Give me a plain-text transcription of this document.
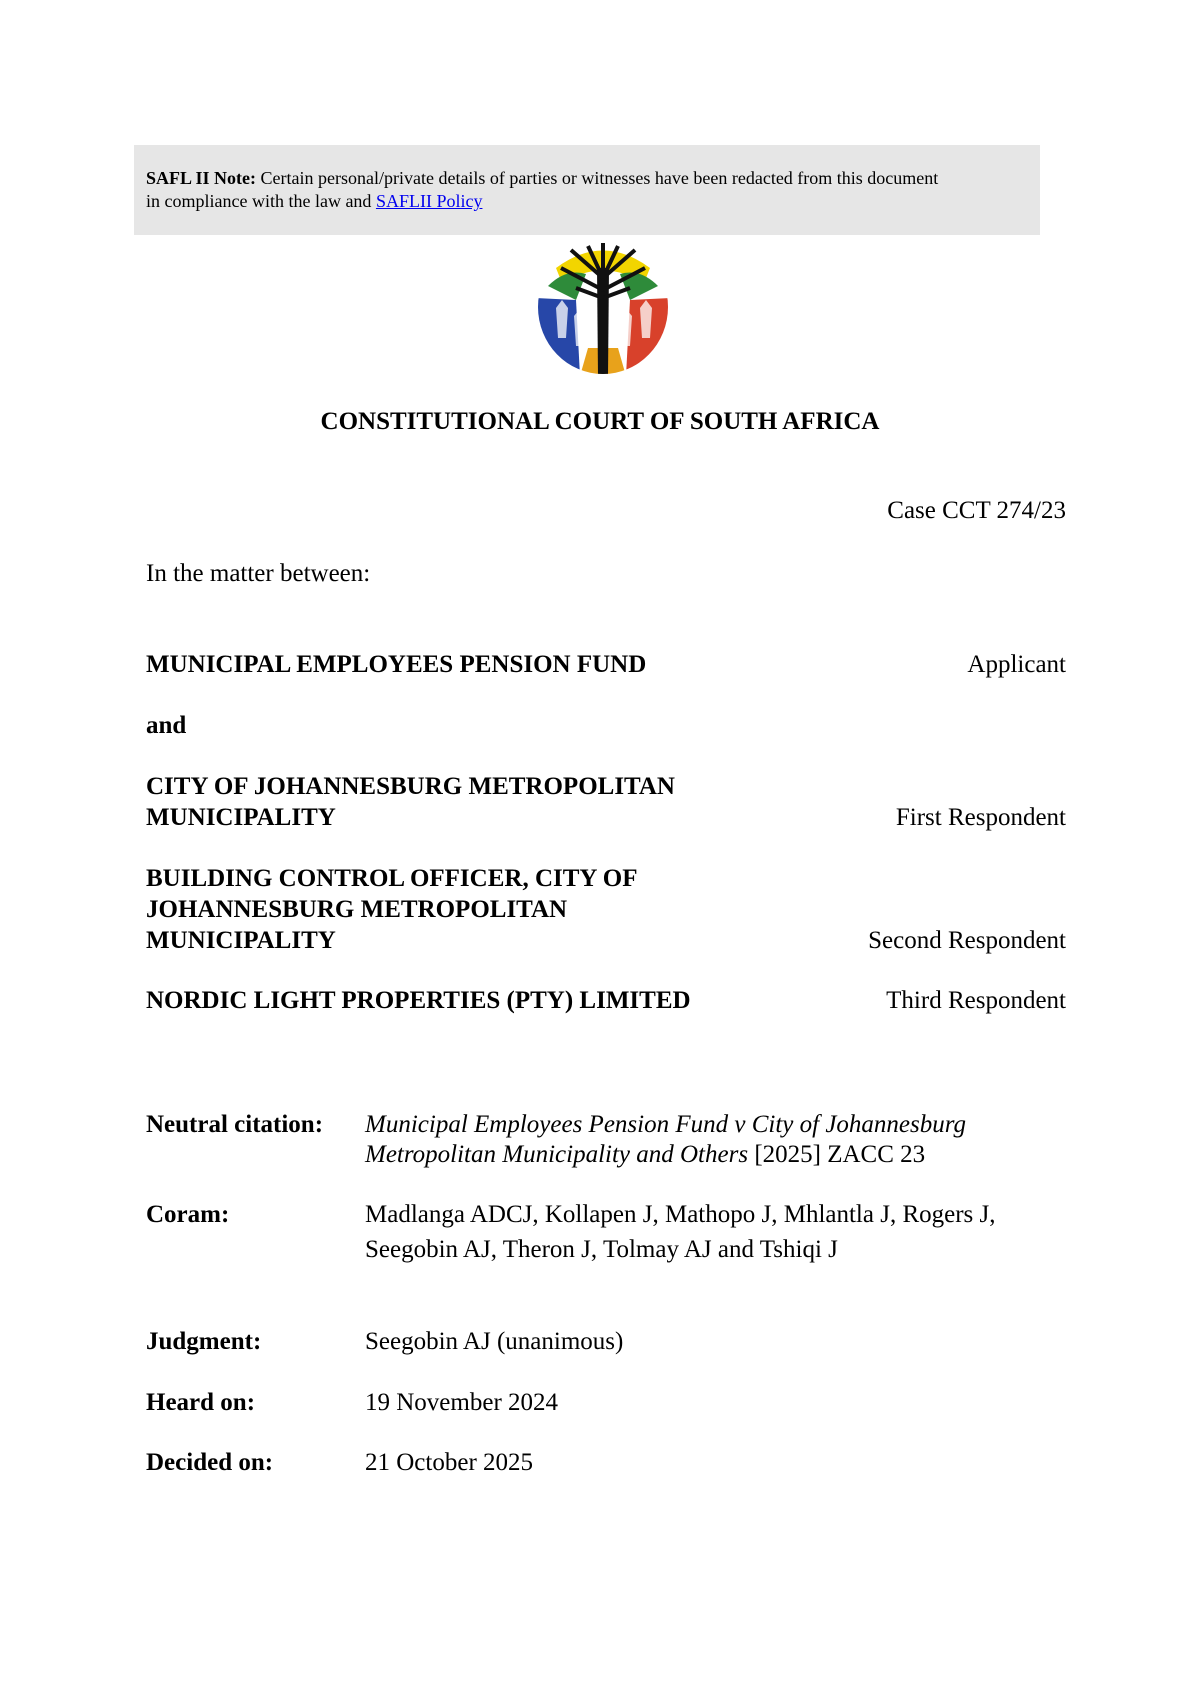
SAFL II Note: Certain personal/private details of parties or witnesses have been redacted from this document
in compliance with the law and SAFLII Policy
CONSTITUTIONAL COURT OF SOUTH AFRICA
Case CCT 274/23
In the matter between:
MUNICIPAL EMPLOYEES PENSION FUND	Applicant
and
CITY OF JOHANNESBURG METROPOLITAN
MUNICIPALITY	First Respondent
BUILDING CONTROL OFFICER, CITY OF
JOHANNESBURG METROPOLITAN
MUNICIPALITY	Second Respondent
NORDIC LIGHT PROPERTIES (PTY) LIMITED	Third Respondent
Neutral citation: Municipal Employees Pension Fund v City of Johannesburg
Metropolitan Municipality and Others [2025] ZACC 23
Coram:	Madlanga ADCJ, Kollapen J, Mathopo J, Mhlantla J, Rogers J,
Seegobin AJ, Theron J, Tolmay AJ and Tshiqi J
Judgment:	Seegobin AJ (unanimous)
Heard on:	19 November 2024
Decided on:	21 October 2025
